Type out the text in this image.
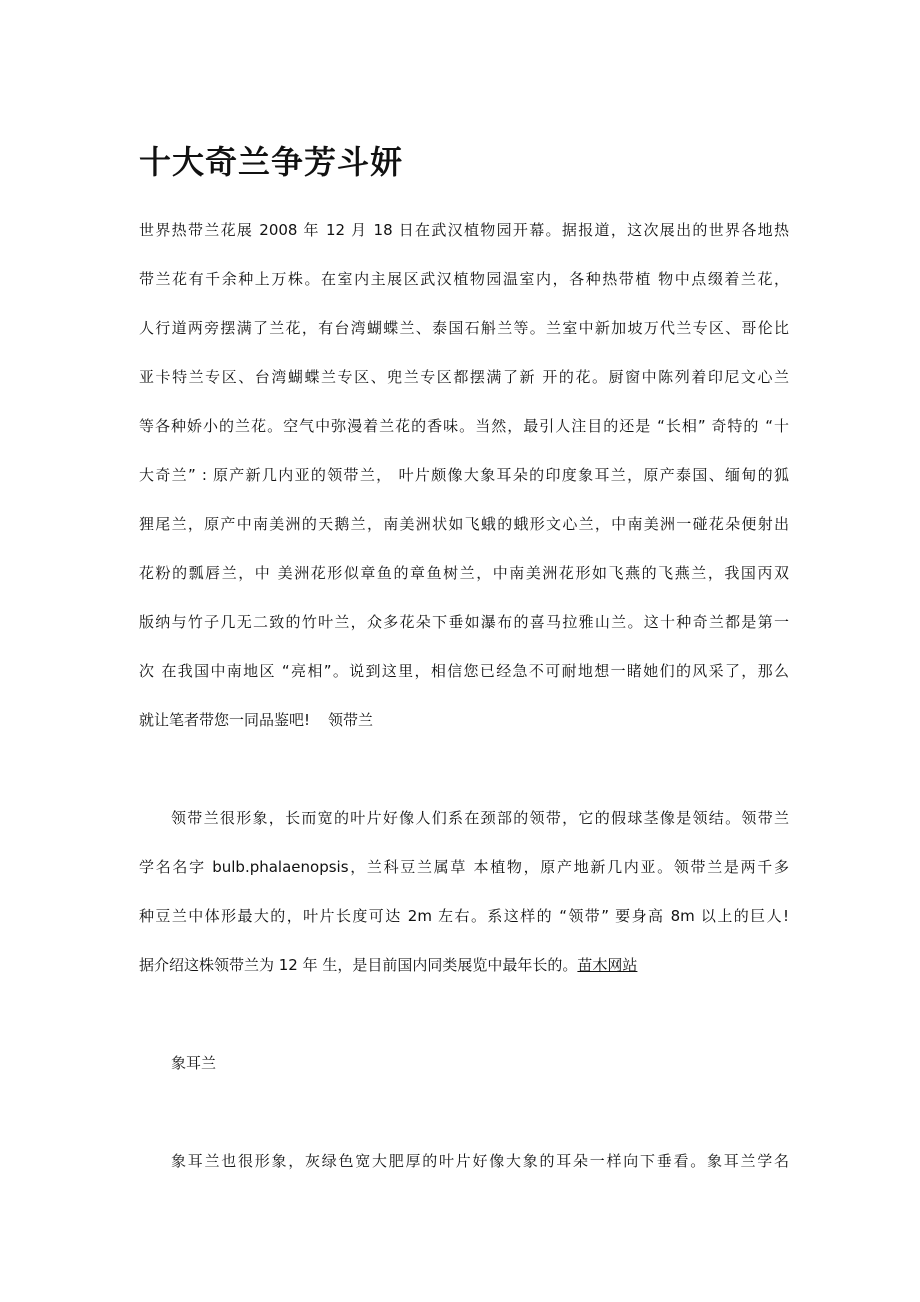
十大奇兰争芳斗妍

世界热带兰花展 2008 年 12 月 18 日在武汉植物园开幕。据报道，这次展出的世界各地热

带兰花有千余种上万株。在室内主展区武汉植物园温室内，各种热带植 物中点缀着兰花，

人行道两旁摆满了兰花，有台湾蝴蝶兰、泰国石斛兰等。兰室中新加坡万代兰专区、哥伦比

亚卡特兰专区、台湾蝴蝶兰专区、兜兰专区都摆满了新 开的花。厨窗中陈列着印尼文心兰

等各种娇小的兰花。空气中弥漫着兰花的香味。当然，最引人注目的还是 “长相” 奇特的 “十

大奇兰” : 原产新几内亚的领带兰， 叶片颇像大象耳朵的印度象耳兰，原产泰国、缅甸的狐

狸尾兰，原产中南美洲的天鹅兰，南美洲状如飞蛾的蛾形文心兰，中南美洲一碰花朵便射出

花粉的瓢唇兰，中 美洲花形似章鱼的章鱼树兰，中南美洲花形如飞燕的飞燕兰，我国丙双

版纳与竹子几无二致的竹叶兰，众多花朵下垂如瀑布的喜马拉雅山兰。这十种奇兰都是第一

次 在我国中南地区 “亮相”。说到这里，相信您已经急不可耐地想一睹她们的风采了，那么

就让笔者带您一同品鉴吧! 领带兰

领带兰很形象，长而宽的叶片好像人们系在颈部的领带，它的假球茎像是领结。领带兰

学名名字 bulb.phalaenopsis，兰科豆兰属草 本植物，原产地新几内亚。领带兰是两千多

种豆兰中体形最大的，叶片长度可达 2m 左右。系这样的 “领带” 要身高 8m 以上的巨人!

据介绍这株领带兰为 12 年 生，是目前国内同类展览中最年长的。苗木网站

象耳兰

象耳兰也很形象，灰绿色宽大肥厚的叶片好像大象的耳朵一样向下垂看。象耳兰学名
